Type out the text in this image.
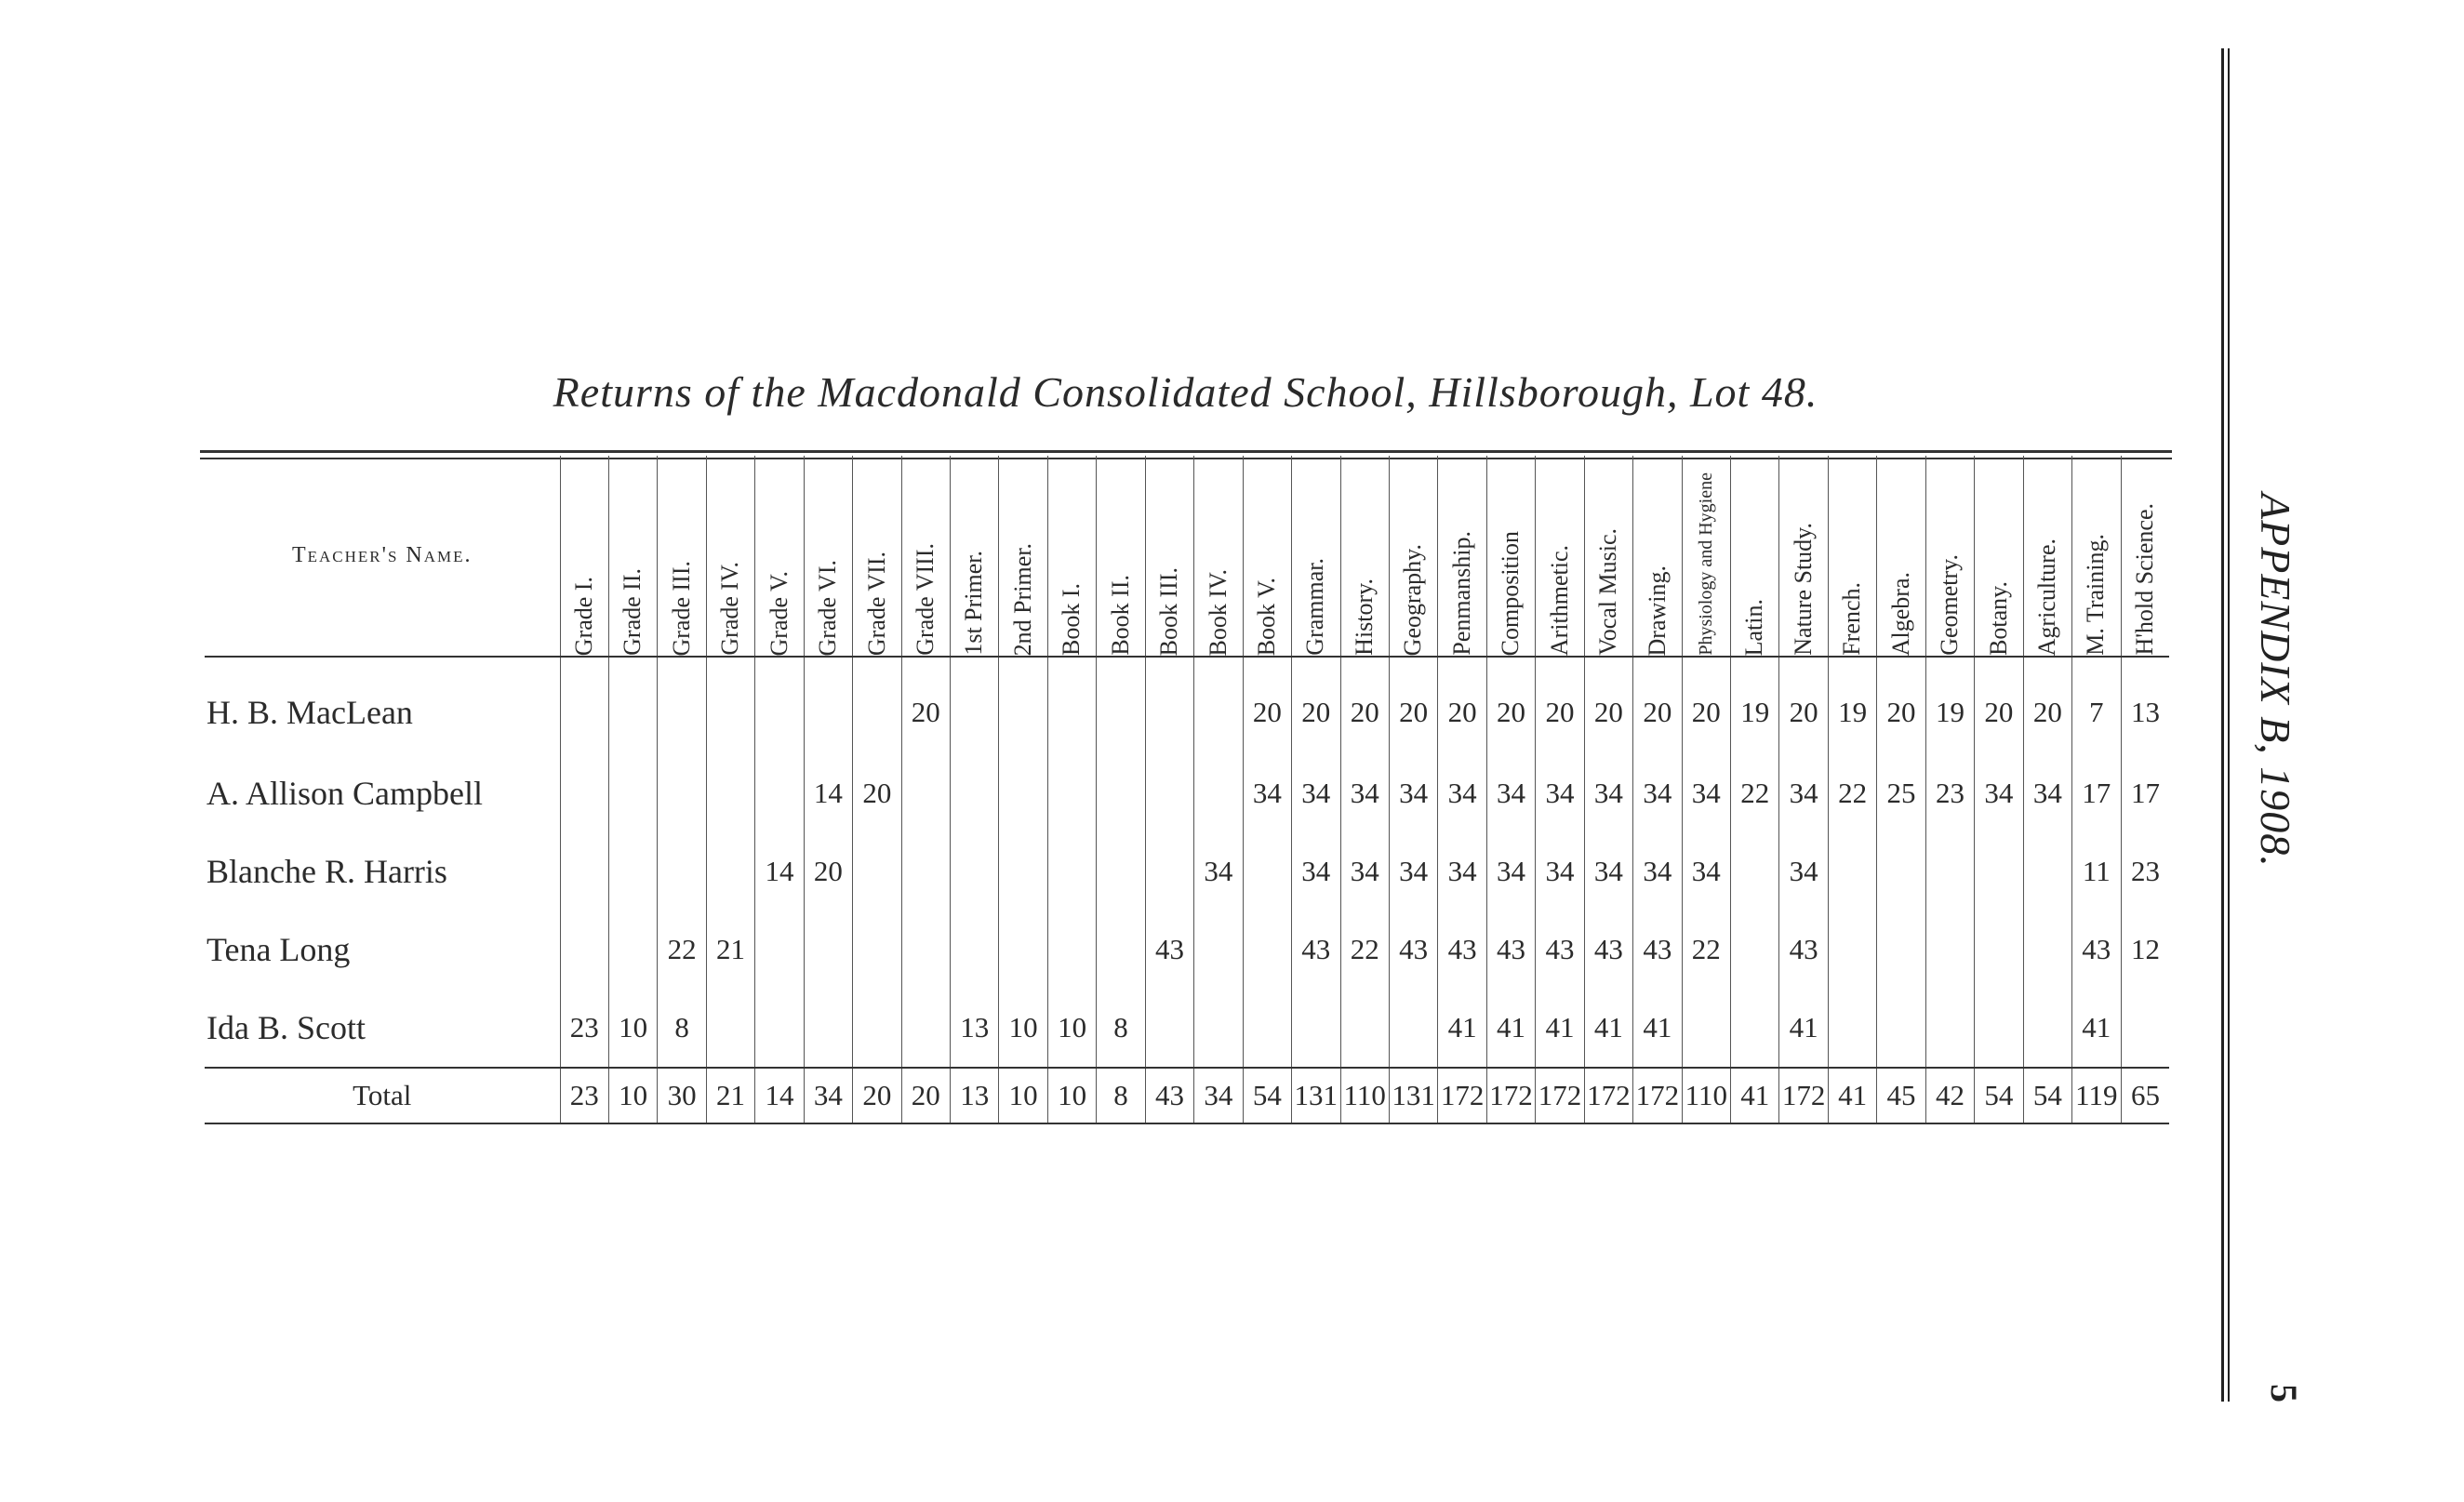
Returns of the Macdonald Consolidated School, Hillsborough, Lot 48.
Teacher's Name.	Grade I.	Grade II.	Grade III.	Grade IV.	Grade V.	Grade VI.	Grade VII.	Grade VIII.	1st Primer.	2nd Primer.	Book I.	Book II.	Book III.	Book IV.	Book V.	Grammar.	History.	Geography.	Penmanship.	Composition	Arithmetic.	Vocal Music.	Drawing.	Physiology and Hygiene	Latin.	Nature Study.	French.	Algebra.	Geometry.	Botany.	Agriculture.	M. Training.	H'hold Science.

H. B. MacLean								20							20	20	20	20	20	20	20	20	20	20	19	20	19	20	19	20	20	7	13
A. Allison Campbell						14	20								34	34	34	34	34	34	34	34	34	34	22	34	22	25	23	34	34	17	17
Blanche R. Harris					14	20								34		34	34	34	34	34	34	34	34	34		34						11	23
Tena Long			22	21									43			43	22	43	43	43	43	43	43	22		43						43	12
Ida B. Scott	23	10	8						13	10	10	8							41	41	41	41	41			41						41	
Total	23	10	30	21	14	34	20	20	13	10	10	8	43	34	54	131	110	131	172	172	172	172	172	110	41	172	41	45	42	54	54	119	65
APPENDIX B, 1908.
5
